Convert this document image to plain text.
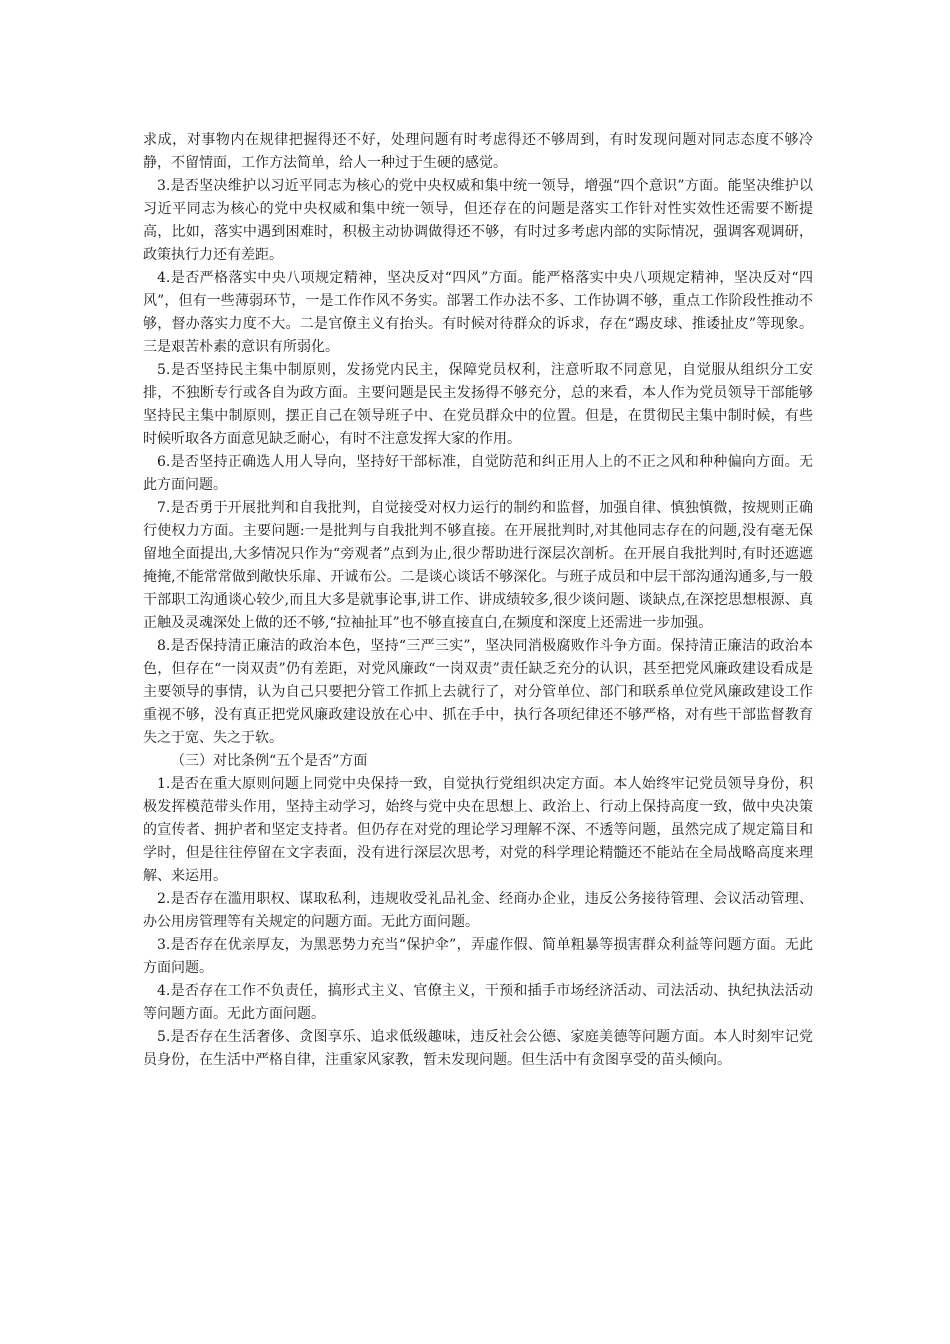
求成，对事物内在规律把握得还不好，处理问题有时考虑得还不够周到，有时发现问题对同志态度不够冷静，不留情面，工作方法简单，给人一种过于生硬的感觉。

3.是否坚决维护以习近平同志为核心的党中央权威和集中统一领导，增强“四个意识”方面。能坚决维护以习近平同志为核心的党中央权威和集中统一领导，但还存在的问题是落实工作针对性实效性还需要不断提高，比如，落实中遇到困难时，积极主动协调做得还不够，有时过多考虑内部的实际情况，强调客观调研，政策执行力还有差距。

4.是否严格落实中央八项规定精神，坚决反对“四风”方面。能严格落实中央八项规定精神，坚决反对“四风”，但有一些薄弱环节，一是工作作风不务实。部署工作办法不多、工作协调不够，重点工作阶段性推动不够，督办落实力度不大。二是官僚主义有抬头。有时候对待群众的诉求，存在“踢皮球、推诿扯皮”等现象。三是艰苦朴素的意识有所弱化。

5.是否坚持民主集中制原则，发扬党内民主，保障党员权利，注意听取不同意见，自觉服从组织分工安排，不独断专行或各自为政方面。主要问题是民主发扬得不够充分，总的来看，本人作为党员领导干部能够坚持民主集中制原则，摆正自己在领导班子中、在党员群众中的位置。但是，在贯彻民主集中制时候，有些时候听取各方面意见缺乏耐心，有时不注意发挥大家的作用。

6.是否坚持正确选人用人导向，坚持好干部标准，自觉防范和纠正用人上的不正之风和种种偏向方面。无此方面问题。

7.是否勇于开展批判和自我批判，自觉接受对权力运行的制约和监督，加强自律、慎独慎微，按规则正确行使权力方面。主要问题:一是批判与自我批判不够直接。在开展批判时,对其他同志存在的问题,没有毫无保留地全面提出,大多情况只作为“旁观者”点到为止,很少帮助进行深层次剖析。在开展自我批判时,有时还遮遮掩掩,不能常常做到敞快乐扉、开诚布公。二是谈心谈话不够深化。与班子成员和中层干部沟通沟通多,与一般干部职工沟通谈心较少,而且大多是就事论事,讲工作、讲成绩较多,很少谈问题、谈缺点,在深挖思想根源、真正触及灵魂深处上做的还不够,“拉袖扯耳”也不够直接直白,在频度和深度上还需进一步加强。

8.是否保持清正廉洁的政治本色，坚持“三严三实”，坚决同消极腐败作斗争方面。保持清正廉洁的政治本色，但存在“一岗双责”仍有差距，对党风廉政“一岗双责”责任缺乏充分的认识，甚至把党风廉政建设看成是主要领导的事情，认为自己只要把分管工作抓上去就行了，对分管单位、部门和联系单位党风廉政建设工作重视不够，没有真正把党风廉政建设放在心中、抓在手中，执行各项纪律还不够严格，对有些干部监督教育失之于宽、失之于软。

（三）对比条例“五个是否”方面

1.是否在重大原则问题上同党中央保持一致，自觉执行党组织决定方面。本人始终牢记党员领导身份，积极发挥模范带头作用，坚持主动学习，始终与党中央在思想上、政治上、行动上保持高度一致，做中央决策的宣传者、拥护者和坚定支持者。但仍存在对党的理论学习理解不深、不透等问题，虽然完成了规定篇目和学时，但是往往停留在文字表面，没有进行深层次思考，对党的科学理论精髓还不能站在全局战略高度来理解、来运用。

2.是否存在滥用职权、谋取私利，违规收受礼品礼金、经商办企业，违反公务接待管理、会议活动管理、办公用房管理等有关规定的问题方面。无此方面问题。

3.是否存在优亲厚友，为黑恶势力充当“保护伞”，弄虚作假、简单粗暴等损害群众利益等问题方面。无此方面问题。

4.是否存在工作不负责任，搞形式主义、官僚主义，干预和插手市场经济活动、司法活动、执纪执法活动等问题方面。无此方面问题。

5.是否存在生活奢侈、贪图享乐、追求低级趣味，违反社会公德、家庭美德等问题方面。本人时刻牢记党员身份，在生活中严格自律，注重家风家教，暂未发现问题。但生活中有贪图享受的苗头倾向。
